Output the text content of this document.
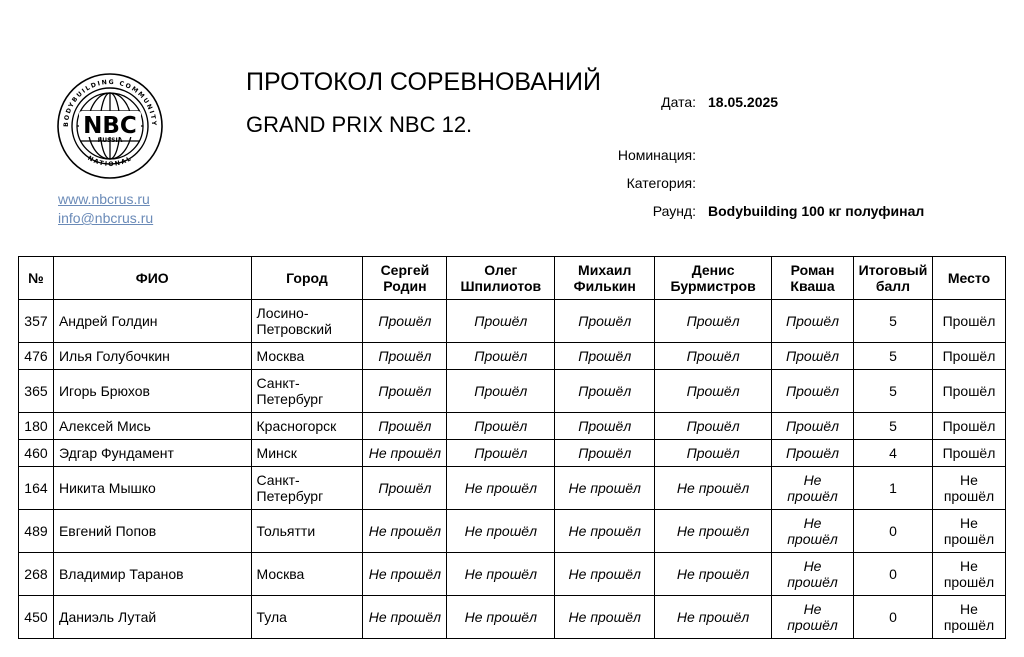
BODYBUILDING COMMUNITY
NATIONAL
NBC
RUSSIA
www.nbcrus.ru
info@nbcrus.ru
ПРОТОКОЛ СОРЕВНОВАНИЙ
GRAND PRIX NBC 12.
Дата: 18.05.2025
Номинация:
Категория:
Раунд: Bodybuilding 100 кг полуфинал
№	ФИО	Город	Сергей Родин	Олег Шпилиотов	Михаил Филькин	Денис Бурмистров	Роман Кваша	Итоговый балл	Место
357	Андрей Голдин	Лосино-Петровский	Прошёл	Прошёл	Прошёл	Прошёл	Прошёл	5	Прошёл
476	Илья Голубочкин	Москва	Прошёл	Прошёл	Прошёл	Прошёл	Прошёл	5	Прошёл
365	Игорь Брюхов	Санкт-Петербург	Прошёл	Прошёл	Прошёл	Прошёл	Прошёл	5	Прошёл
180	Алексей Мись	Красногорск	Прошёл	Прошёл	Прошёл	Прошёл	Прошёл	5	Прошёл
460	Эдгар Фундамент	Минск	Не прошёл	Прошёл	Прошёл	Прошёл	Прошёл	4	Прошёл
164	Никита Мышко	Санкт-Петербург	Прошёл	Не прошёл	Не прошёл	Не прошёл	Не прошёл	1	Не прошёл
489	Евгений Попов	Тольятти	Не прошёл	Не прошёл	Не прошёл	Не прошёл	Не прошёл	0	Не прошёл
268	Владимир Таранов	Москва	Не прошёл	Не прошёл	Не прошёл	Не прошёл	Не прошёл	0	Не прошёл
450	Даниэль Лутай	Тула	Не прошёл	Не прошёл	Не прошёл	Не прошёл	Не прошёл	0	Не прошёл
